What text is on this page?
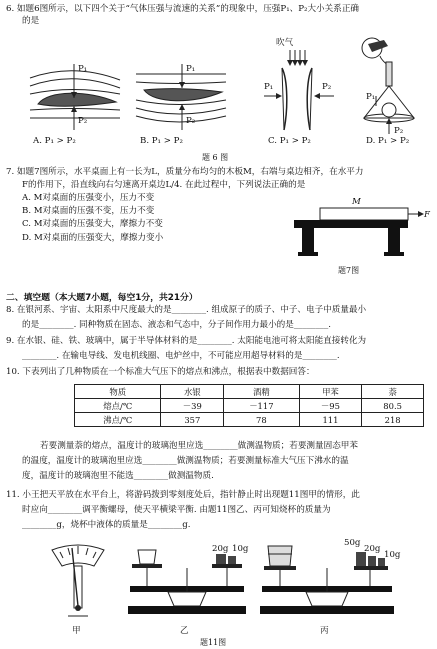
6. 如题6图所示，以下四个关于“气体压强与流速的关系”的现象中，压强P₁、P₂大小关系正确
的是
P₁
P₂
A. P₁ > P₂
P₁
P₂
B. P₁ > P₂
吹气
P₁	P₂
C. P₁ > P₂
P₁
P₂
D. P₁ > P₂
题 6 图
7. 如题7图所示，水平桌面上有一长为L，质量分布均匀的木板M，右端与桌边相齐，在水平力
F的作用下，沿直线向右匀速离开桌边L/4. 在此过程中，下列说法正确的是
A. M对桌面的压强变小，压力不变
B. M对桌面的压强不变，压力不变
C. M对桌面的压强变大，摩擦力不变
D. M对桌面的压强变大，摩擦力变小
M
F
题7图
二、填空题（本大题7小题，每空1分，共21分）
8. 在银河系、宇宙、太阳系中尺度最大的是________. 组成原子的质子、中子、电子中质量最小
的是________. 同种物质在固态、液态和气态中，分子间作用力最小的是________.
9. 在水银、硅、铁、玻璃中，属于半导体材料的是________. 太阳能电池可将太阳能直接转化为
________. 在输电导线、发电机线圈、电炉丝中，不可能应用超导材料的是________.
10. 下表列出了几种物质在一个标准大气压下的熔点和沸点，根据表中数据回答：
物质	水银	酒精	甲苯	萘
熔点/℃	－39	－117	－95	80.5
沸点/℃	357	78	111	218
若要测量萘的熔点，温度计的玻璃泡里应选________做测温物质；若要测量固态甲苯
的温度，温度计的玻璃泡里应选________做测温物质；若要测量标准大气压下沸水的温
度，温度计的玻璃泡里不能选________做测温物质.
11. 小王把天平放在水平台上，将游码拨到零刻度处后，指针静止时出现题11图甲的情形，此
时应向________调平衡螺母，使天平横梁平衡. 由题11图乙、丙可知烧杯的质量为
________g，烧杯中液体的质量是________g.
甲
20g 10g
乙
50g
20g
10g
丙
题11图
